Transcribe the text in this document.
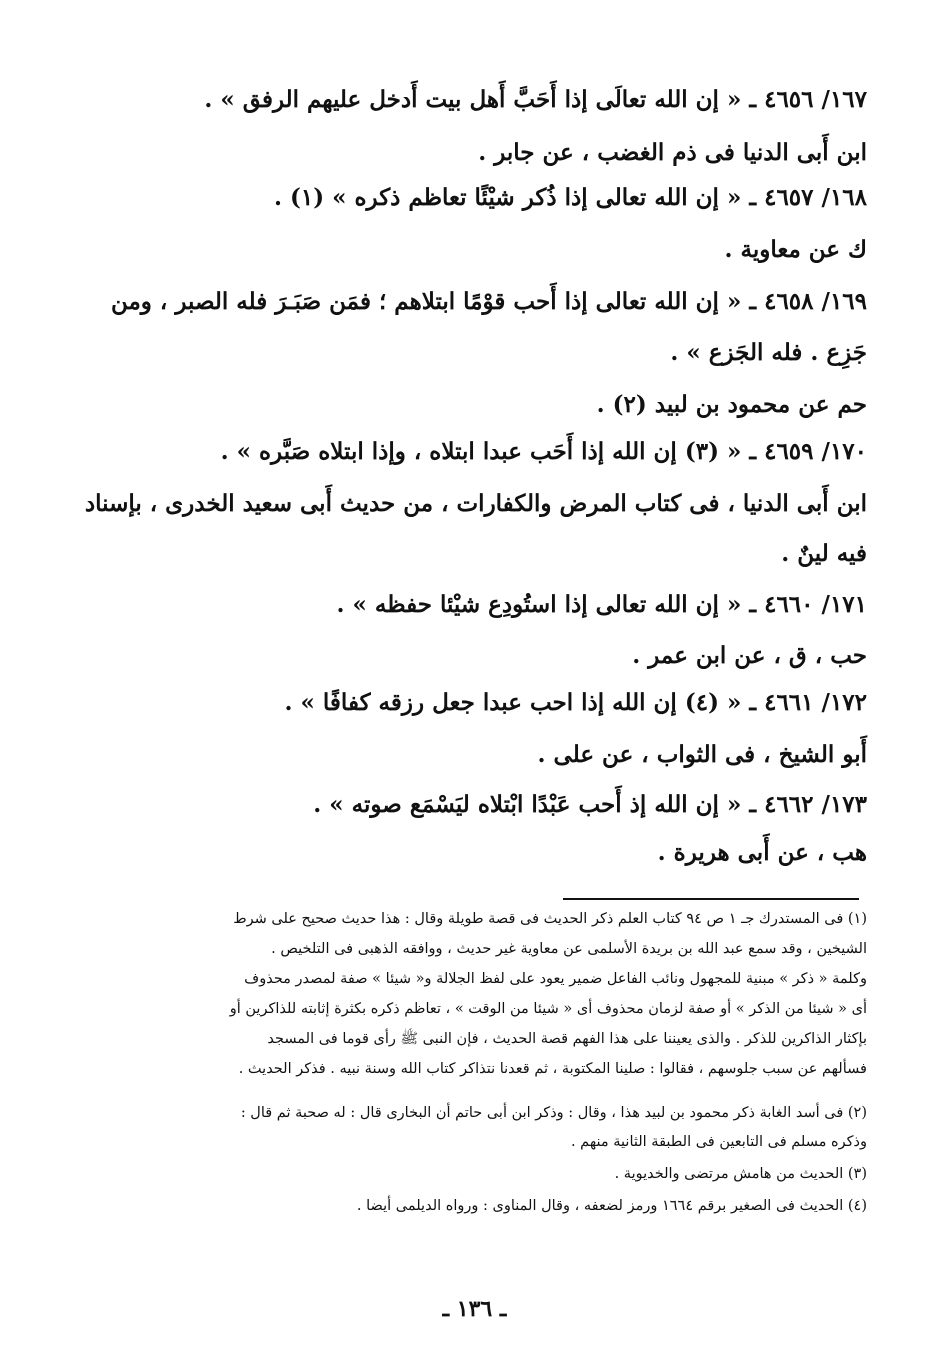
١٦٧/ ٤٦٥٦ ـ « إن الله تعالَى إذا أَحَبَّ أَهل بيت أَدخل عليهم الرفق » .
ابن أَبى الدنيا فى ذم الغضب ، عن جابر .
١٦٨/ ٤٦٥٧ ـ « إن الله تعالى إذا ذُكر شيْئًا تعاظم ذكره » (١) .
ك عن معاوية .
١٦٩/ ٤٦٥٨ ـ « إن الله تعالى إذا أَحب قوْمًا ابتلاهم ؛ فمَن صَبَـرَ فله الصبر ، ومن
جَزِع . فله الجَزع » .
حم عن محمود بن لبيد (٢) .
١٧٠/ ٤٦٥٩ ـ « (٣) إن الله إذا أَحَب عبدا ابتلاه ، وإذا ابتلاه صَبَّره » .
ابن أَبى الدنيا ، فى كتاب المرض والكفارات ، من حديث أَبى سعيد الخدرى ، بإسناد
فيه لينٌ .
١٧١/ ٤٦٦٠ ـ « إن الله تعالى إذا استُودِع شيْئا حفظه » .
حب ، ق ، عن ابن عمر .
١٧٢/ ٤٦٦١ ـ « (٤) إن الله إذا احب عبدا جعل رزقه كفافًا » .
أَبو الشيخ ، فى الثواب ، عن على .
١٧٣/ ٤٦٦٢ ـ « إن الله إذ أَحب عَبْدًا ابْتلاه ليَسْمَع صوته » .
هب ، عن أَبى هريرة .
(١) فى المستدرك جـ ١ ص ٩٤ كتاب العلم ذكر الحديث فى قصة طويلة وقال : هذا حديث صحيح على شرط
الشيخين ، وقد سمع عبد الله بن بريدة الأسلمى عن معاوية غير حديث ، ووافقه الذهبى فى التلخيص .
وكلمة « ذكر » مبنية للمجهول ونائب الفاعل ضمير يعود على لفظ الجلالة و« شيئا » صفة لمصدر محذوف
أى « شيئا من الذكر » أو صفة لزمان محذوف أى « شيئا من الوقت » ، تعاظم ذكره بكثرة إثابته للذاكرين أو
بإكثار الذاكرين للذكر . والذى يعيننا على هذا الفهم قصة الحديث ، فإن النبى ﷺ رأى قوما فى المسجد
فسألهم عن سبب جلوسهم ، فقالوا : صلينا المكتوبة ، ثم قعدنا نتذاكر كتاب الله وسنة نبيه . فذكر الحديث .
(٢) فى أسد الغابة ذكر محمود بن لبيد هذا ، وقال : وذكر ابن أبى حاتم أن البخارى قال : له صحبة ثم قال :
وذكره مسلم فى التابعين فى الطبقة الثانية منهم .
(٣) الحديث من هامش مرتضى والخديوية .
(٤) الحديث فى الصغير برقم ١٦٦٤ ورمز لضعفه ، وقال المناوى : ورواه الديلمى أيضا .
ـ ١٣٦ ـ
